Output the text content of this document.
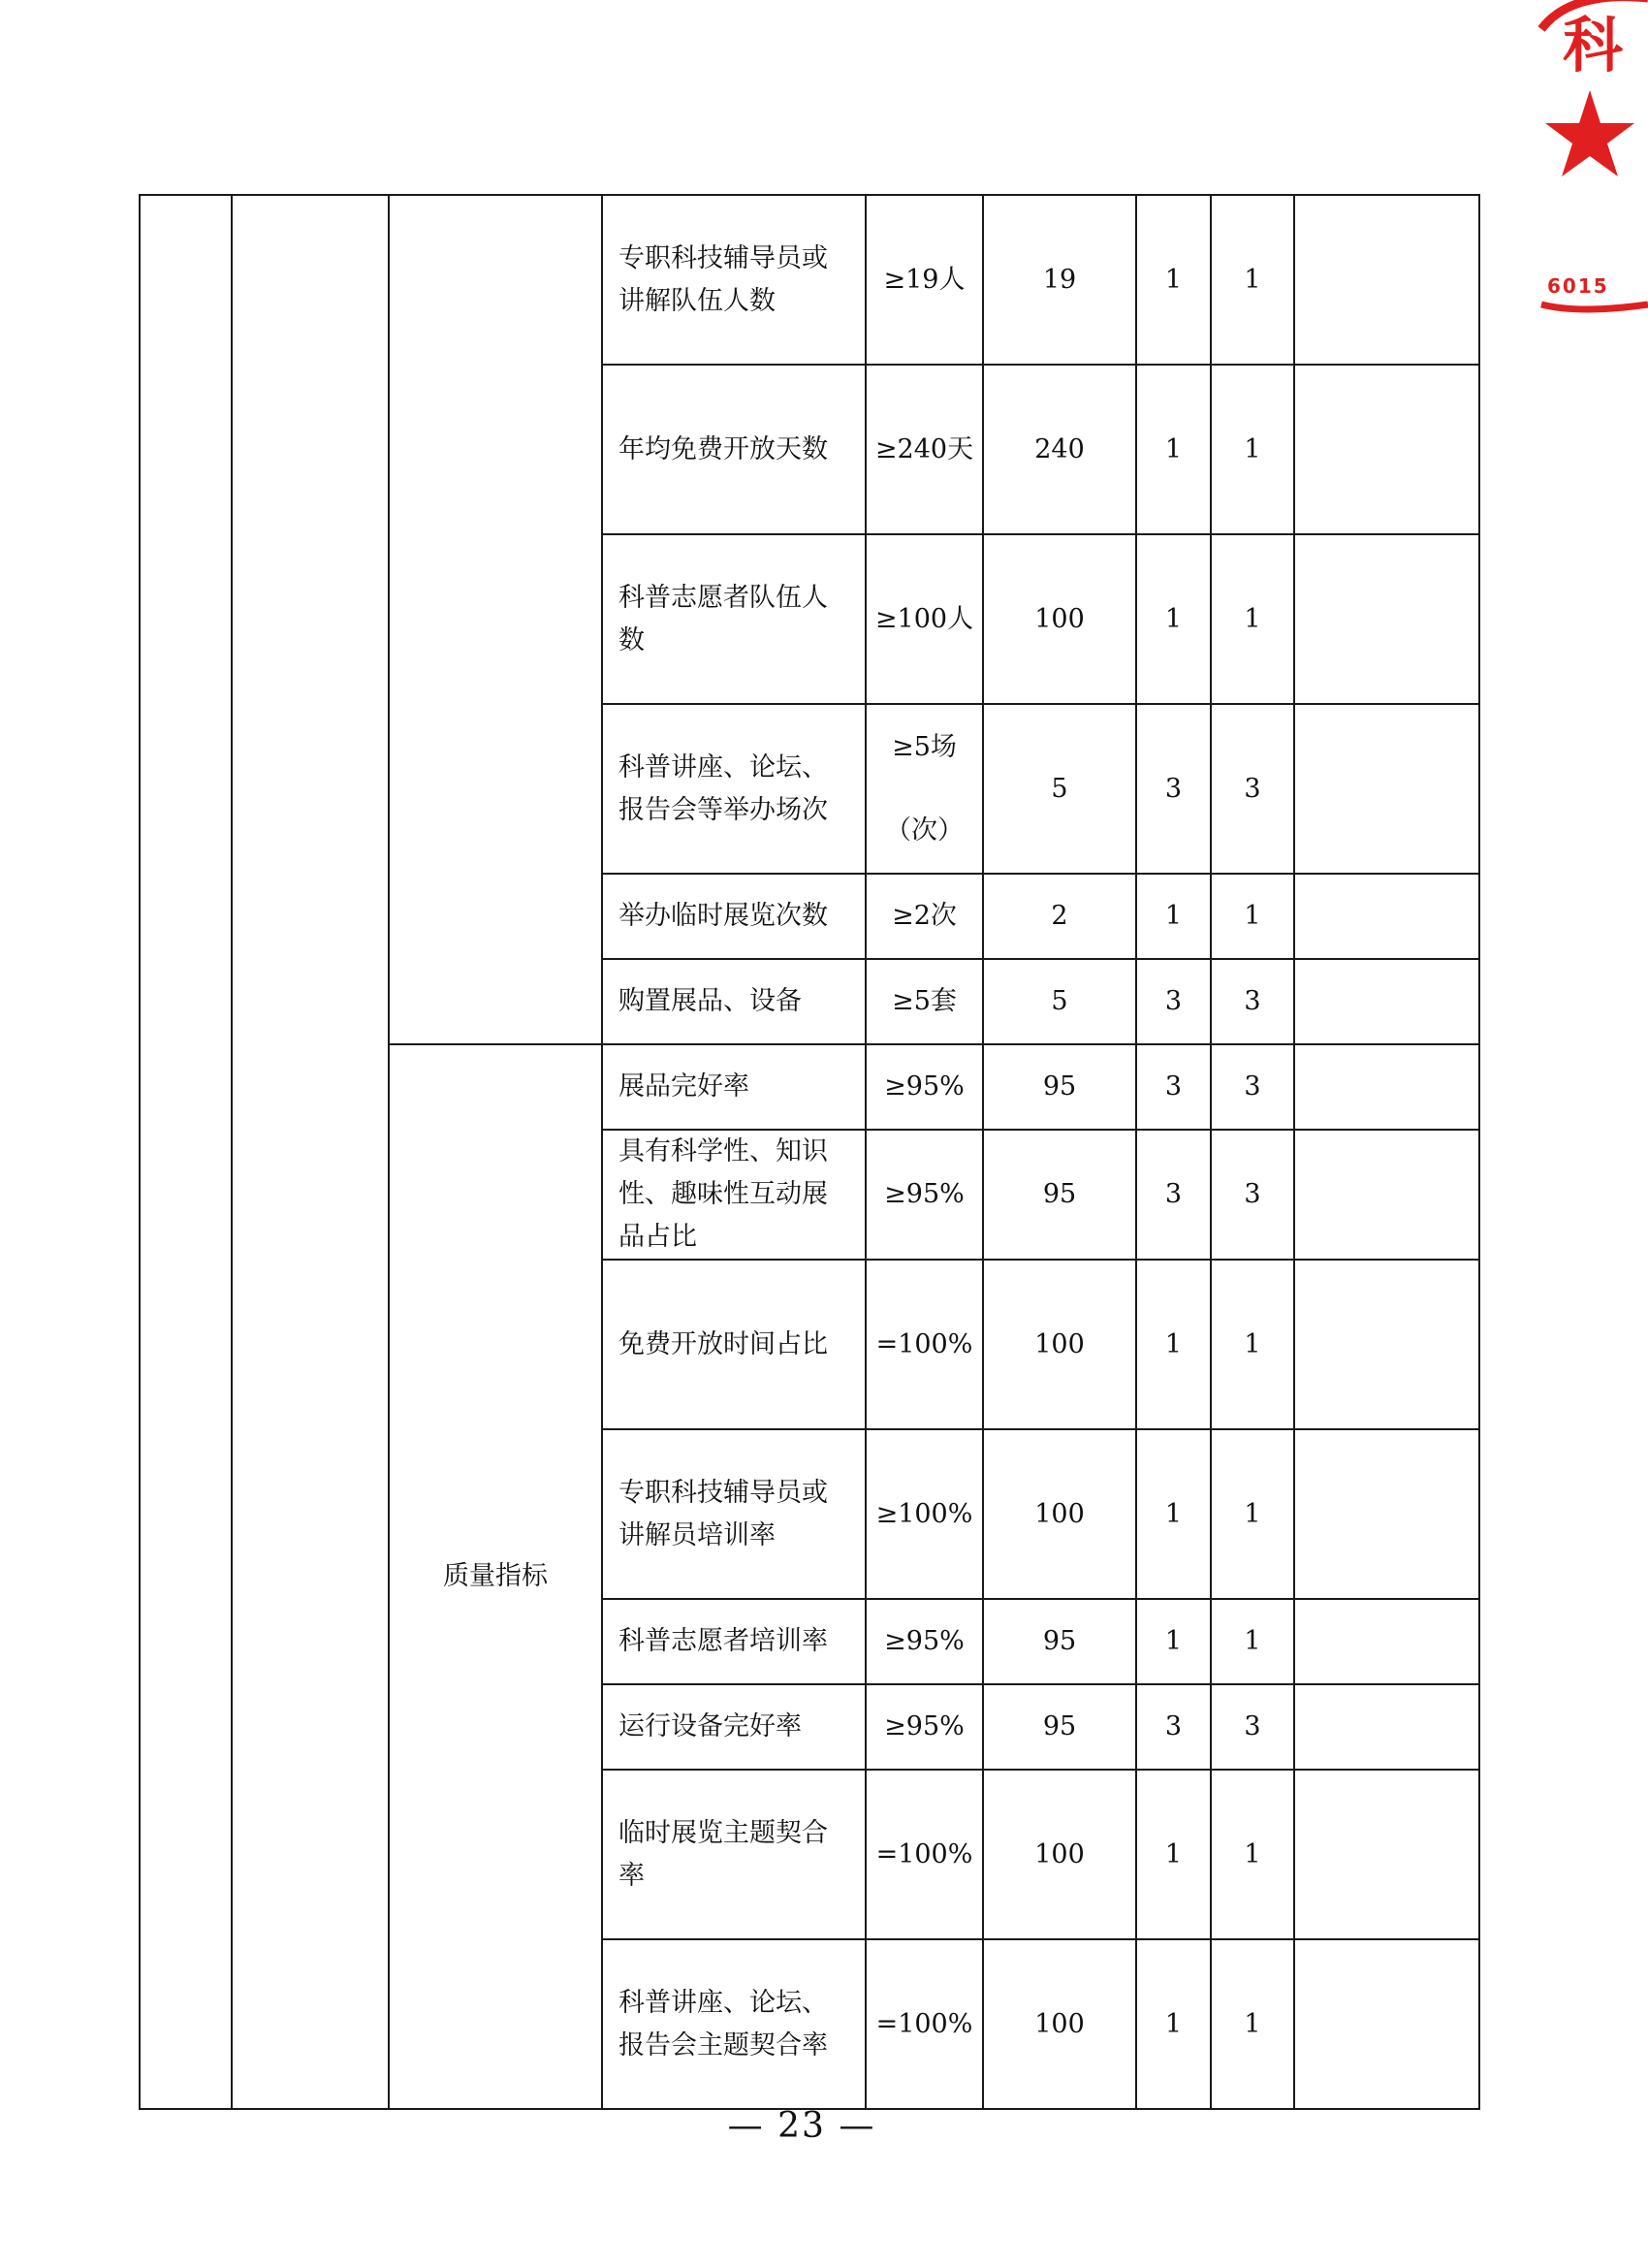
科
6015
			专职科技辅导员或讲解队伍人数	≥19人	19	1	1	
			年均免费开放天数	≥240天	240	1	1	
			科普志愿者队伍人数	≥100人	100	1	1	
			科普讲座、论坛、报告会等举办场次	≥5场（次）	5	3	3	
			举办临时展览次数	≥2次	2	1	1	
			购置展品、设备	≥5套	5	3	3	
		质量指标	展品完好率	≥95%	95	3	3	
			具有科学性、知识性、趣味性互动展品占比	≥95%	95	3	3	
			免费开放时间占比	=100%	100	1	1	
			专职科技辅导员或讲解员培训率	≥100%	100	1	1	
			科普志愿者培训率	≥95%	95	1	1	
			运行设备完好率	≥95%	95	3	3	
			临时展览主题契合率	=100%	100	1	1	
			科普讲座、论坛、报告会主题契合率	=100%	100	1	1	
— 23 —
